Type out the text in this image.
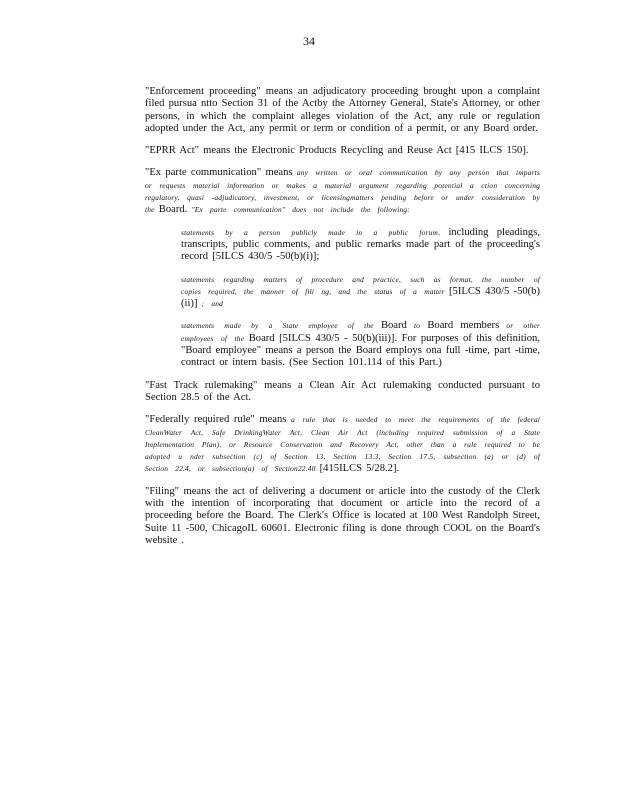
34

"Enforcement proceeding" means an adjudicatory proceeding brought upon a complaint filed pursua ntto Section 31 of the Actby the Attorney General, State's Attorney, or other persons, in which the complaint alleges violation of the Act, any rule or regulation adopted under the Act, any permit or term or condition of a permit, or any Board order.

"EPRR Act" means the Electronic Products Recycling and Reuse Act [415 ILCS 150].

"Ex parte communication" means any written or oral communication by any person that imparts or requests material information or makes a material argument regarding potential a ction concerning regulatory, quasi -adjudicatory, investment, or licensingmatters pending before or under consideration by the Board. "Ex parte communication" does not include the following:

statements by a person publicly made in a public forum, including pleadings, transcripts, public comments, and public remarks made part of the proceeding's record [5ILCS 430/5 -50(b)(i)];

statements regarding matters of procedure and practice, such as format, the number of copies required, the manner of fili ng, and the status of a matter [5ILCS 430/5 -50(b)(ii)] ; and

statements made by a State employee of the Board to Board members or other employees of the Board [5ILCS 430/5 - 50(b)(iii)]. For purposes of this definition, "Board employee" means a person the Board employs ona full -time, part -time, contract or intern basis. (See Section 101.114 of this Part.)

"Fast Track rulemaking" means a Clean Air Act rulemaking conducted pursuant to Section 28.5 of the Act.

"Federally required rule" means a rule that is needed to meet the requirements of the federal CleanWater Act, Safe DrinkingWater Act, Clean Air Act (including required submission of a State Implementation Plan), or Resource Conservation and Recovery Act, other than a rule required to be adopted u nder subsection (c) of Section 13, Section 13.3, Section 17.5, subsection (a) or (d) of Section 22.4, or subsection(a) of Section22.40 [415ILCS 5/28.2].

"Filing" means the act of delivering a document or article into the custody of the Clerk with the intention of incorporating that document or article into the record of a proceeding before the Board. The Clerk's Office is located at 100 West Randolph Street, Suite 11 -500, ChicagoIL 60601. Electronic filing is done through COOL on the Board's website .
